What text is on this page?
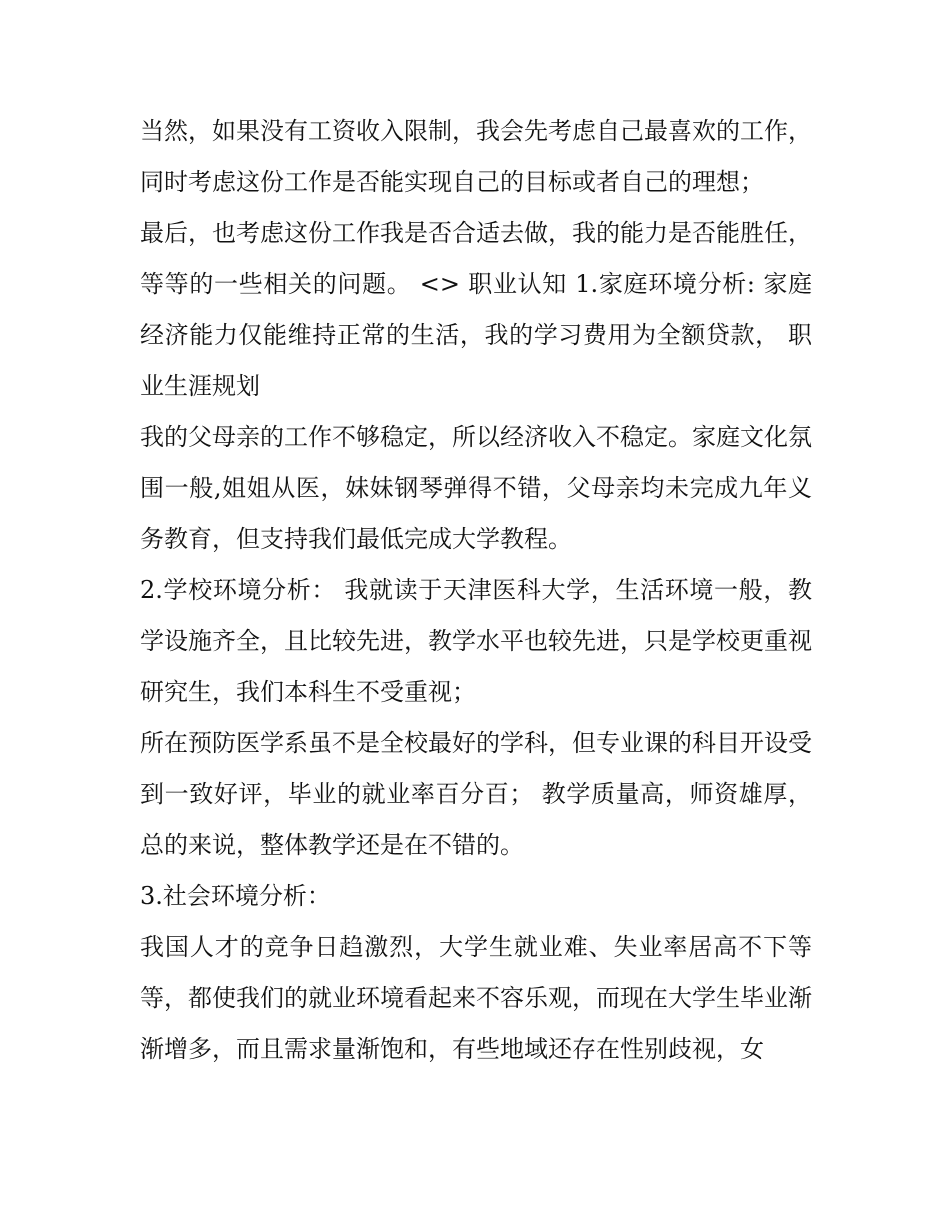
当然，如果没有工资收入限制，我会先考虑自己最喜欢的工作，同时考虑这份工作是否能实现自己的目标或者自己的理想；

最后，也考虑这份工作我是否合适去做，我的能力是否能胜任，等等的一些相关的问题。 <> 职业认知 1.家庭环境分析: 家庭经济能力仅能维持正常的生活，我的学习费用为全额贷款， 职业生涯规划

我的父母亲的工作不够稳定，所以经济收入不稳定。家庭文化氛围一般,姐姐从医，妹妹钢琴弹得不错，父母亲均未完成九年义务教育，但支持我们最低完成大学教程。

2.学校环境分析： 我就读于天津医科大学，生活环境一般，教学设施齐全，且比较先进，教学水平也较先进，只是学校更重视研究生，我们本科生不受重视；

所在预防医学系虽不是全校最好的学科，但专业课的科目开设受到一致好评，毕业的就业率百分百； 教学质量高，师资雄厚，总的来说，整体教学还是在不错的。

3.社会环境分析：

我国人才的竞争日趋激烈，大学生就业难、失业率居高不下等等，都使我们的就业环境看起来不容乐观，而现在大学生毕业渐渐增多，而且需求量渐饱和，有些地域还存在性别歧视，女
